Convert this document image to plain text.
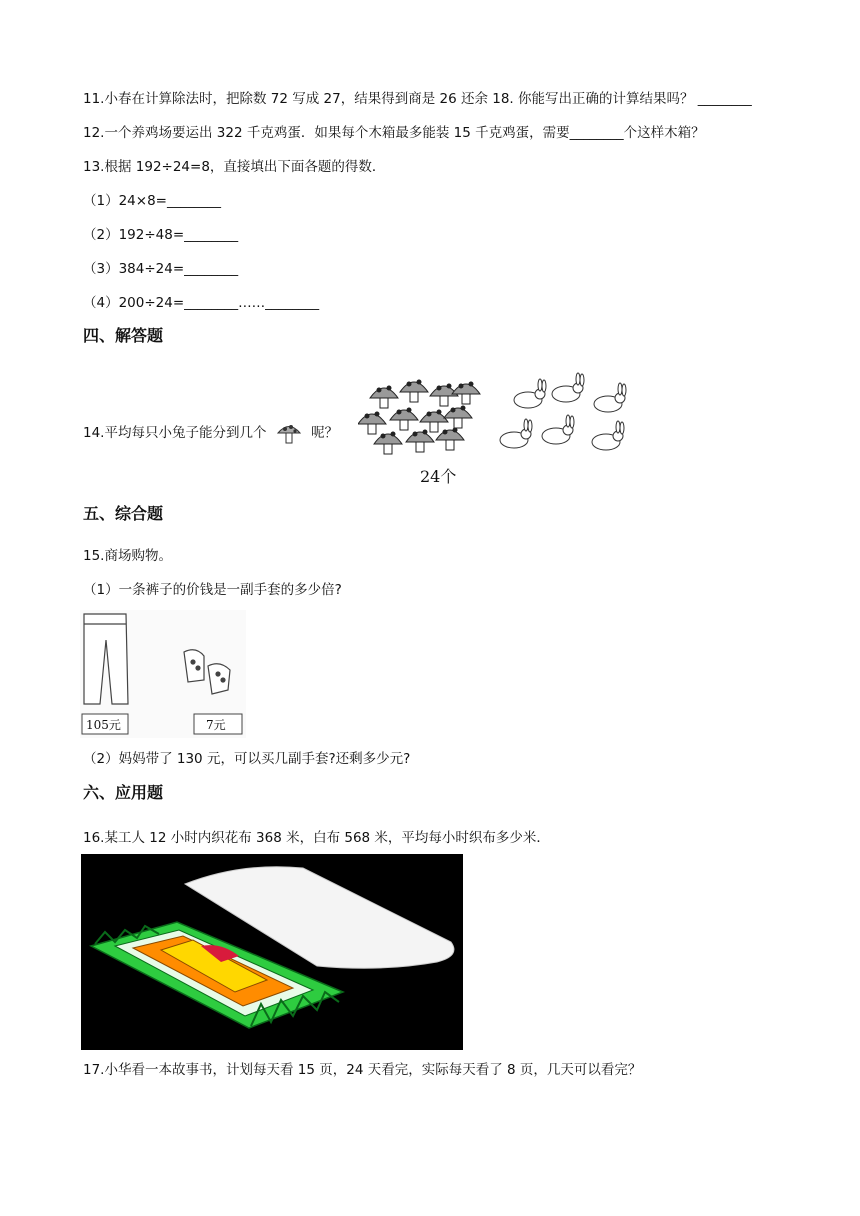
11.小春在计算除法时，把除数 72 写成 27，结果得到商是 26 还余 18. 你能写出正确的计算结果吗？ ________
12.一个养鸡场要运出 322 千克鸡蛋．如果每个木箱最多能装 15 千克鸡蛋，需要________个这样木箱？
13.根据 192÷24=8，直接填出下面各题的得数．
（1）24×8=________
（2）192÷48=________
（3）384÷24=________
（4）200÷24=________……________
四、解答题
14.平均每只小兔子能分到几个	呢？
24个
五、综合题
15.商场购物。
（1）一条裤子的价钱是一副手套的多少倍?
105元	7元
（2）妈妈带了 130 元，可以买几副手套?还剩多少元?
六、应用题
16.某工人 12 小时内织花布 368 米，白布 568 米，平均每小时织布多少米．
17.小华看一本故事书，计划每天看 15 页，24 天看完，实际每天看了 8 页，几天可以看完？
